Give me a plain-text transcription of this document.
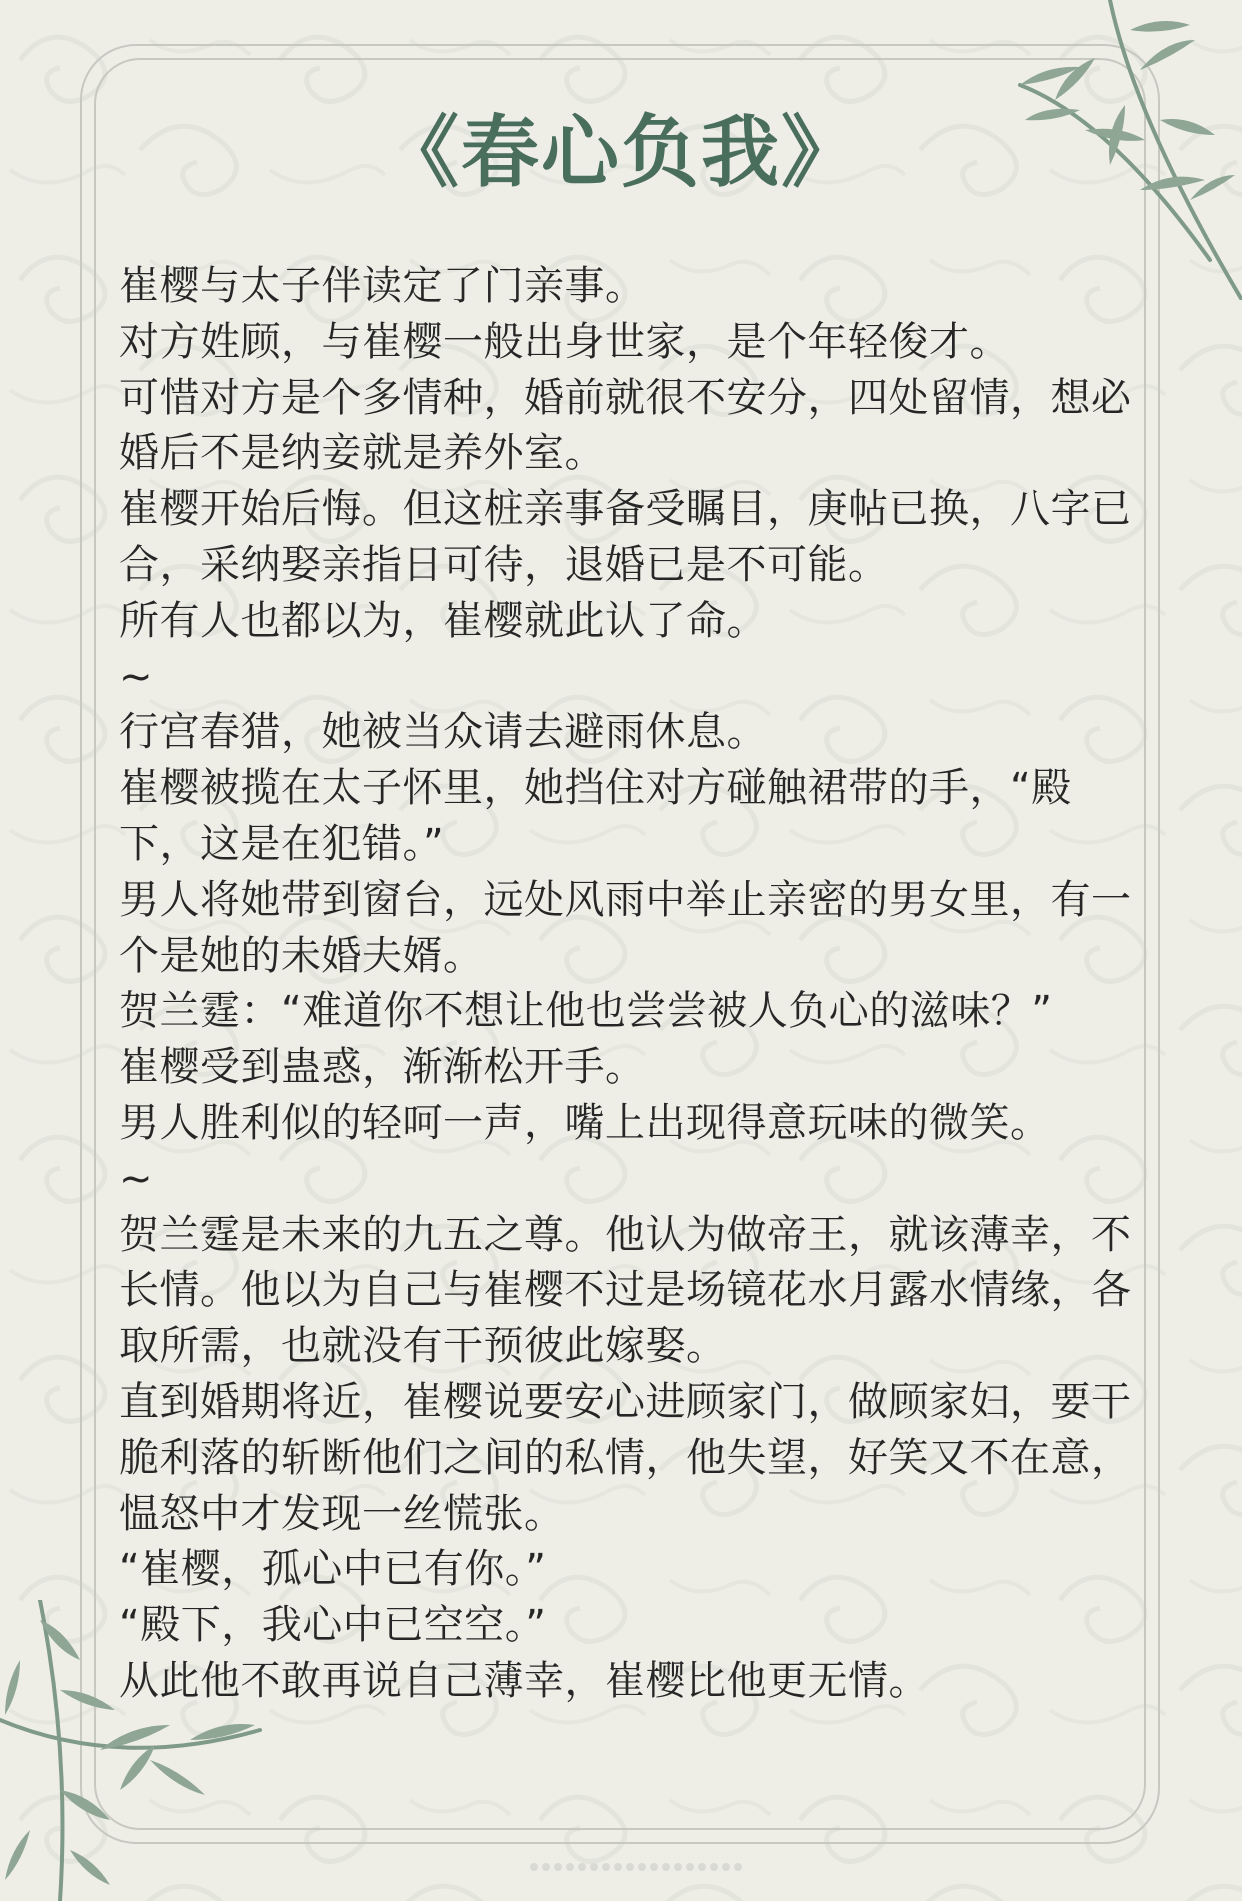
《春心负我》
崔樱与太子伴读定了门亲事。
对方姓顾，与崔樱一般出身世家，是个年轻俊才。
可惜对方是个多情种，婚前就很不安分，四处留情，想必
婚后不是纳妾就是养外室。
崔樱开始后悔。但这桩亲事备受瞩目，庚帖已换，八字已
合，采纳娶亲指日可待，退婚已是不可能。
所有人也都以为，崔樱就此认了命。
~
行宫春猎，她被当众请去避雨休息。
崔樱被揽在太子怀里，她挡住对方碰触裙带的手，“殿
下，这是在犯错。”
男人将她带到窗台，远处风雨中举止亲密的男女里，有一
个是她的未婚夫婿。
贺兰霆：“难道你不想让他也尝尝被人负心的滋味？”
崔樱受到蛊惑，渐渐松开手。
男人胜利似的轻呵一声，嘴上出现得意玩味的微笑。
~
贺兰霆是未来的九五之尊。他认为做帝王，就该薄幸，不
长情。他以为自己与崔樱不过是场镜花水月露水情缘，各
取所需，也就没有干预彼此嫁娶。
直到婚期将近，崔樱说要安心进顾家门，做顾家妇，要干
脆利落的斩断他们之间的私情，他失望，好笑又不在意，
愠怒中才发现一丝慌张。
“崔樱，孤心中已有你。”
“殿下，我心中已空空。”
从此他不敢再说自己薄幸，崔樱比他更无情。
